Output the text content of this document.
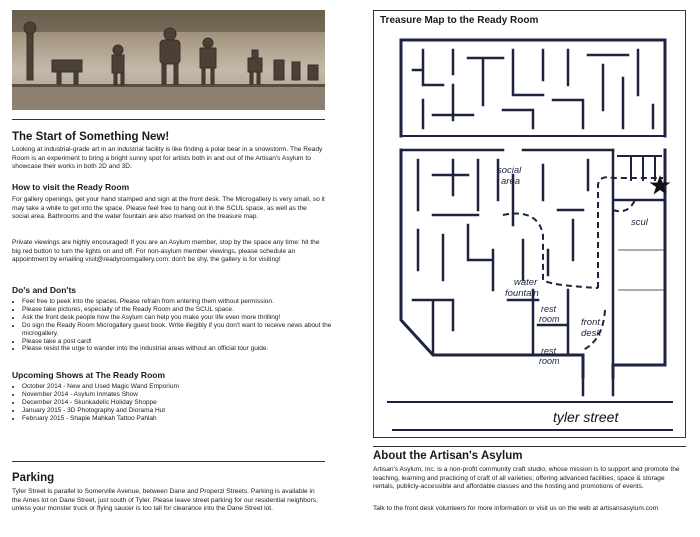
The Start of Something New!

Looking at industrial-grade art in an industrial facility is like finding a polar bear in a snowstorm. The Ready Room is an experiment to bring a bright sunny spot for artists both in and out of the Artisan's Asylum to showcase their works in both 2D and 3D.

How to visit the Ready Room

For gallery openings, get your hand stamped and sign at the front desk. The Microgallery is very small, so it may take a while to get into the space. Please feel free to hang out in the SCUL space, as well as the social area. Bathrooms and the water fountain are also marked on the treasure map.

Private viewings are highly encouraged! If you are an Asylum member, stop by the space any time: hit the big red button to turn the lights on and off. For non-asylum member viewings, please schedule an appointment by emailing visit@readyroomgallery.com: don't be shy, the gallery is for visiting!

Do's and Don'ts
• Feel free to peek into the spaces. Please refrain from entering them without permission.
• Please take pictures, especially of the Ready Room and the SCUL space.
• Ask the front desk people how the Asylum can help you make your life even more thrilling!
• Do sign the Ready Room Microgallery guest book. Write illegibly if you don't want to receive news about the microgallery.
• Please take a post card!
• Please resist the urge to wander into the industrial areas without an official tour guide.
Upcoming Shows at The Ready Room
• October 2014 - New and Used Magic Wand Emporium
• November 2014 - Asylum Inmates Show
• December 2014 - Skunkadelic Holiday Shoppe
• January 2015 - 3D Photography and Diorama Hut
• February 2015 - Shapie Mahkah Tattoo Pahlah
Parking

Tyler Street is parallel to Somerville Avenue, between Dane and Properzi Streets. Parking is available in the Ames lot on Dane Street, just south of Tyler. Please leave street parking for our residential neighbors, unless your monster truck or flying saucer is too tall for clearance into the Dane Street lot.

Treasure Map to the Ready Room
social
area
scul
water
fountain
rest
room
rest
room
front
desk
tyler street
About the Artisan's Asylum

Artisan's Asylum, Inc. is a non-profit community craft studio, whose mission is to support and promote the teaching, learning and practicing of craft of all varieties; offering advanced facilities, space & storage rentals, publicly-accessible and affordable classes and the hosting and promotions of events.

Talk to the front desk volunteers for more information or visit us on the web at artisansasylum.com
